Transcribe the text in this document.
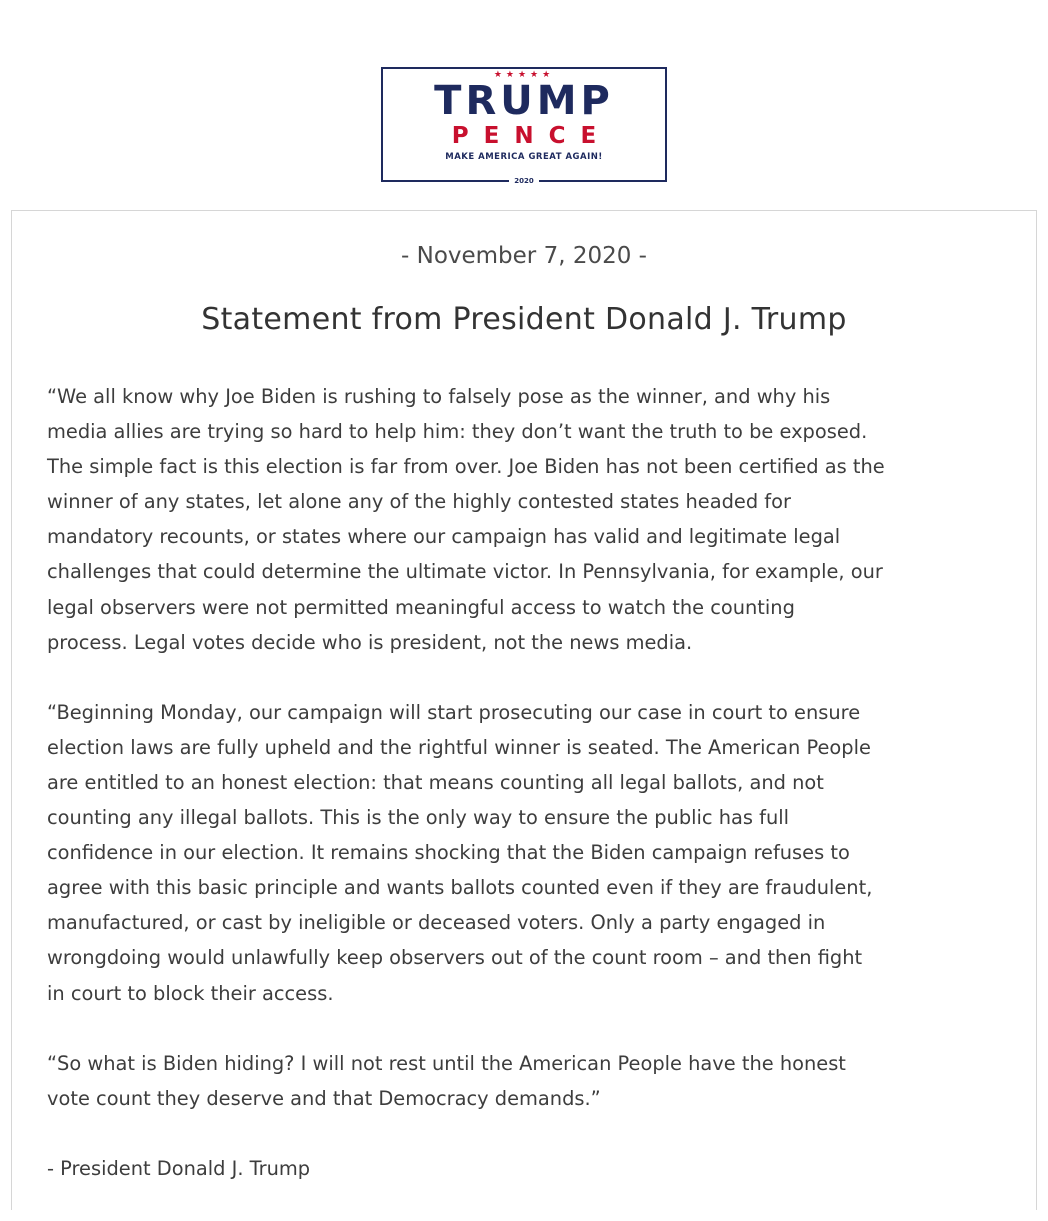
★★★★★
TRUMP
PENCE
MAKE AMERICA GREAT AGAIN!
2020
- November 7, 2020 -
Statement from President Donald J. Trump
“We all know why Joe Biden is rushing to falsely pose as the winner, and why his
media allies are trying so hard to help him: they don’t want the truth to be exposed.
The simple fact is this election is far from over. Joe Biden has not been certified as the
winner of any states, let alone any of the highly contested states headed for
mandatory recounts, or states where our campaign has valid and legitimate legal
challenges that could determine the ultimate victor. In Pennsylvania, for example, our
legal observers were not permitted meaningful access to watch the counting
process. Legal votes decide who is president, not the news media.
“Beginning Monday, our campaign will start prosecuting our case in court to ensure
election laws are fully upheld and the rightful winner is seated. The American People
are entitled to an honest election: that means counting all legal ballots, and not
counting any illegal ballots. This is the only way to ensure the public has full
confidence in our election. It remains shocking that the Biden campaign refuses to
agree with this basic principle and wants ballots counted even if they are fraudulent,
manufactured, or cast by ineligible or deceased voters. Only a party engaged in
wrongdoing would unlawfully keep observers out of the count room – and then fight
in court to block their access.
“So what is Biden hiding? I will not rest until the American People have the honest
vote count they deserve and that Democracy demands.”
- President Donald J. Trump
